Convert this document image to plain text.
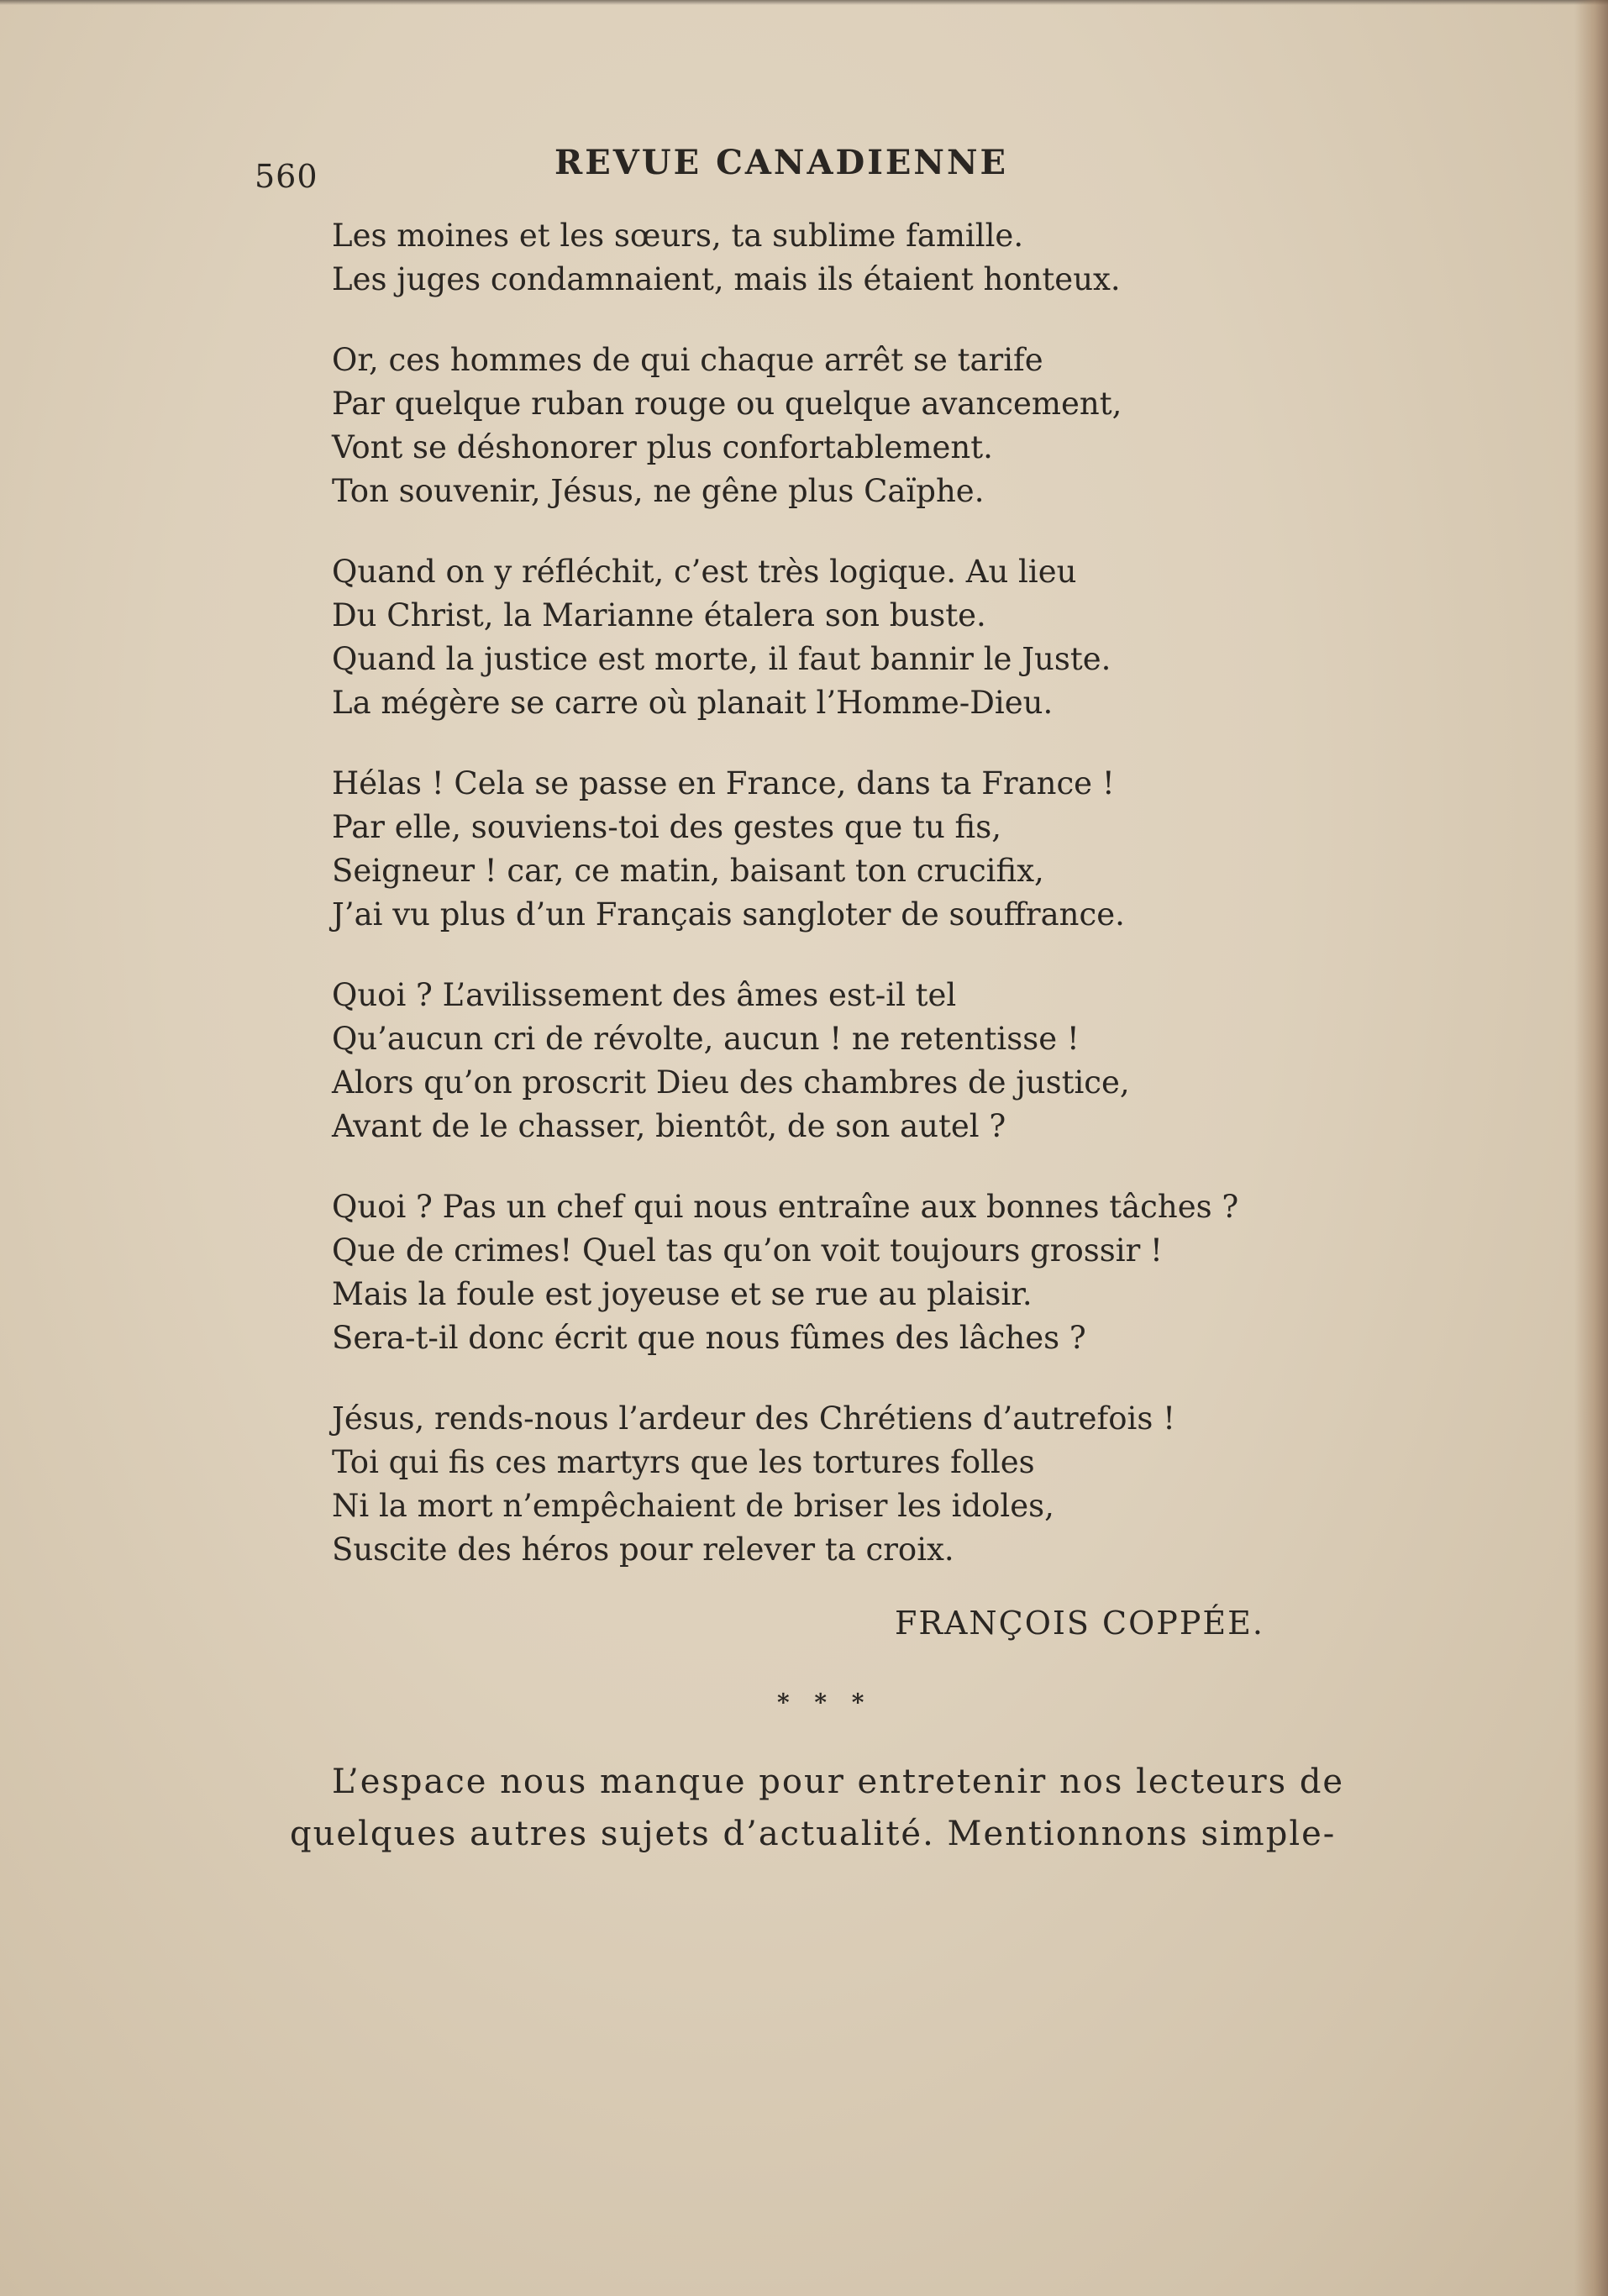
560	REVUE CANADIENNE
Les moines et les sœurs, ta sublime famille.
Les juges condamnaient, mais ils étaient honteux.
Or, ces hommes de qui chaque arrêt se tarife
Par quelque ruban rouge ou quelque avancement,
Vont se déshonorer plus confortablement.
Ton souvenir, Jésus, ne gêne plus Caïphe.
Quand on y réfléchit, c’est très logique. Au lieu
Du Christ, la Marianne étalera son buste.
Quand la justice est morte, il faut bannir le Juste.
La mégère se carre où planait l’Homme-Dieu.
Hélas ! Cela se passe en France, dans ta France !
Par elle, souviens-toi des gestes que tu fis,
Seigneur ! car, ce matin, baisant ton crucifix,
J’ai vu plus d’un Français sangloter de souffrance.
Quoi ? L’avilissement des âmes est-il tel
Qu’aucun cri de révolte, aucun ! ne retentisse !
Alors qu’on proscrit Dieu des chambres de justice,
Avant de le chasser, bientôt, de son autel ?
Quoi ? Pas un chef qui nous entraîne aux bonnes tâches ?
Que de crimes! Quel tas qu’on voit toujours grossir !
Mais la foule est joyeuse et se rue au plaisir.
Sera-t-il donc écrit que nous fûmes des lâches ?
Jésus, rends-nous l’ardeur des Chrétiens d’autrefois !
Toi qui fis ces martyrs que les tortures folles
Ni la mort n’empêchaient de briser les idoles,
Suscite des héros pour relever ta croix.
FRANÇOIS COPPÉE.
* * *
L’espace nous manque pour entretenir nos lecteurs de
quelques autres sujets d’actualité. Mentionnons simple-
